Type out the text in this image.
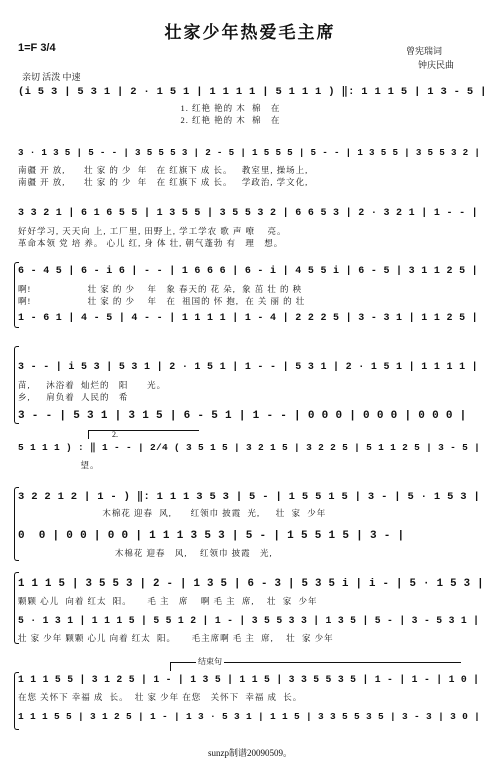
壮家少年热爱毛主席
1=F 3/4	曾宪瑞词
钟庆民曲
亲切 活泼 中速
2.
结束句
(i 5 3 | 5 3 1 | 2 · 1 5 1 | 1 1 1 1 | 5 1 1 1 ) ‖: 1 1 1 5 | 1 3 - 5 |
1. 红艳 艳的 木  棉   在
2. 红艳 艳的 木  棉   在
3 · 1 3 5 | 5 - - | 3 5 5 5 3 | 2 - 5 | 1 5 5 5 | 5 - - | 1 3 5 5 | 3 5 5 3 2 |
南疆 开 放,      壮 家 的 少  年   在 红旗下 成 长。   教室里, 操场上,
南疆 开 放,      壮 家 的 少  年   在 红旗下 成 长。   学政治, 学文化,
3 3 2 1 | 6 1 6 5 5 | 1 3 5 5 | 3 5 5 3 2 | 6 6 5 3 | 2 · 3 2 1 | 1 - - |
好好学习, 天天向 上, 工厂里, 田野上, 学工学农 歌 声 嘹    亮。
革命本领 党 培 养。 心儿 红, 身 体 壮, 朝气蓬勃 有   理   想。
6 - 4 5 | 6 - i 6 | - - | 1 6 6 6 | 6 - i | 4 5 5 i | 6 - 5 | 3 1 1 2 5 |
啊!                  壮 家 的 少    年   象 春天的 花 朵,  象 茁 壮 的 秧
啊!                  壮 家 的 少    年   在  祖国的 怀 抱,  在 关 丽 的 壮
1 - 6 1 | 4 - 5 | 4 - - | 1 1 1 1 | 1 - 4 | 2 2 2 5 | 3 - 3 1 | 1 1 2 5 |
3 - - | i 5 3 | 5 3 1 | 2 · 1 5 1 | 1 - - | 5 3 1 | 2 · 1 5 1 | 1 1 1 1 |
苗,     沐浴着  灿烂的   阳      光。
乡,     肩负着  人民的   希
3 - - | 5 3 1 | 3 1 5 | 6 - 5 1 | 1 - - | 0 0 0 | 0 0 0 | 0 0 0 |
5 1 1 1 ) : ‖ 1 - - | 2/4 ( 3 5 1 5 | 3 2 1 5 | 3 2 2 5 | 5 1 1 2 5 | 3 - 5 |
望。
3 2 2 1 2 | 1 - ) ‖: 1 1 1 3 5 3 | 5 - | 1 5 5 1 5 | 3 - | 5 · 1 5 3 |
木棉花 迎春  风,      红领巾 披霞  光,     壮  家  少年
0  0 | 0 0 | 0 0 | 1 1 1 3 5 3 | 5 - | 1 5 5 1 5 | 3 - |
木棉花 迎春   风,    红领巾 披霞   光,
1 1 1 5 | 3 5 5 3 | 2 - | 1 3 5 | 6 - 3 | 5 3 5 i | i - | 5 · 1 5 3 |
颗颗 心儿  向着 红太  阳。     毛 主   席    啊 毛 主  席,    壮  家  少年
5 · 1 3 1 | 1 1 1 5 | 5 5 1 2 | 1 - | 3 5 5 3 3 | 1 3 5 | 5 - | 3 - 5 3 1 |
壮 家 少年 颗颗 心儿 向着 红太  阳。     毛主席啊 毛 主  席,    壮  家 少年
1 1 1 5 5 | 3 1 2 5 | 1 - | 1 3 5 | 1 1 5 | 3 3 5 5 3 5 | 1 - | 1 - | 1 0 |
在您 关怀下 幸福 成  长。  壮 家 少年 在您   关怀下  幸福 成  长。
1 1 1 5 5 | 3 1 2 5 | 1 - | 1 3 · 5 3 1 | 1 1 5 | 3 3 5 5 3 5 | 3 - 3 | 3 0 |
sunzp制谱20090509。
